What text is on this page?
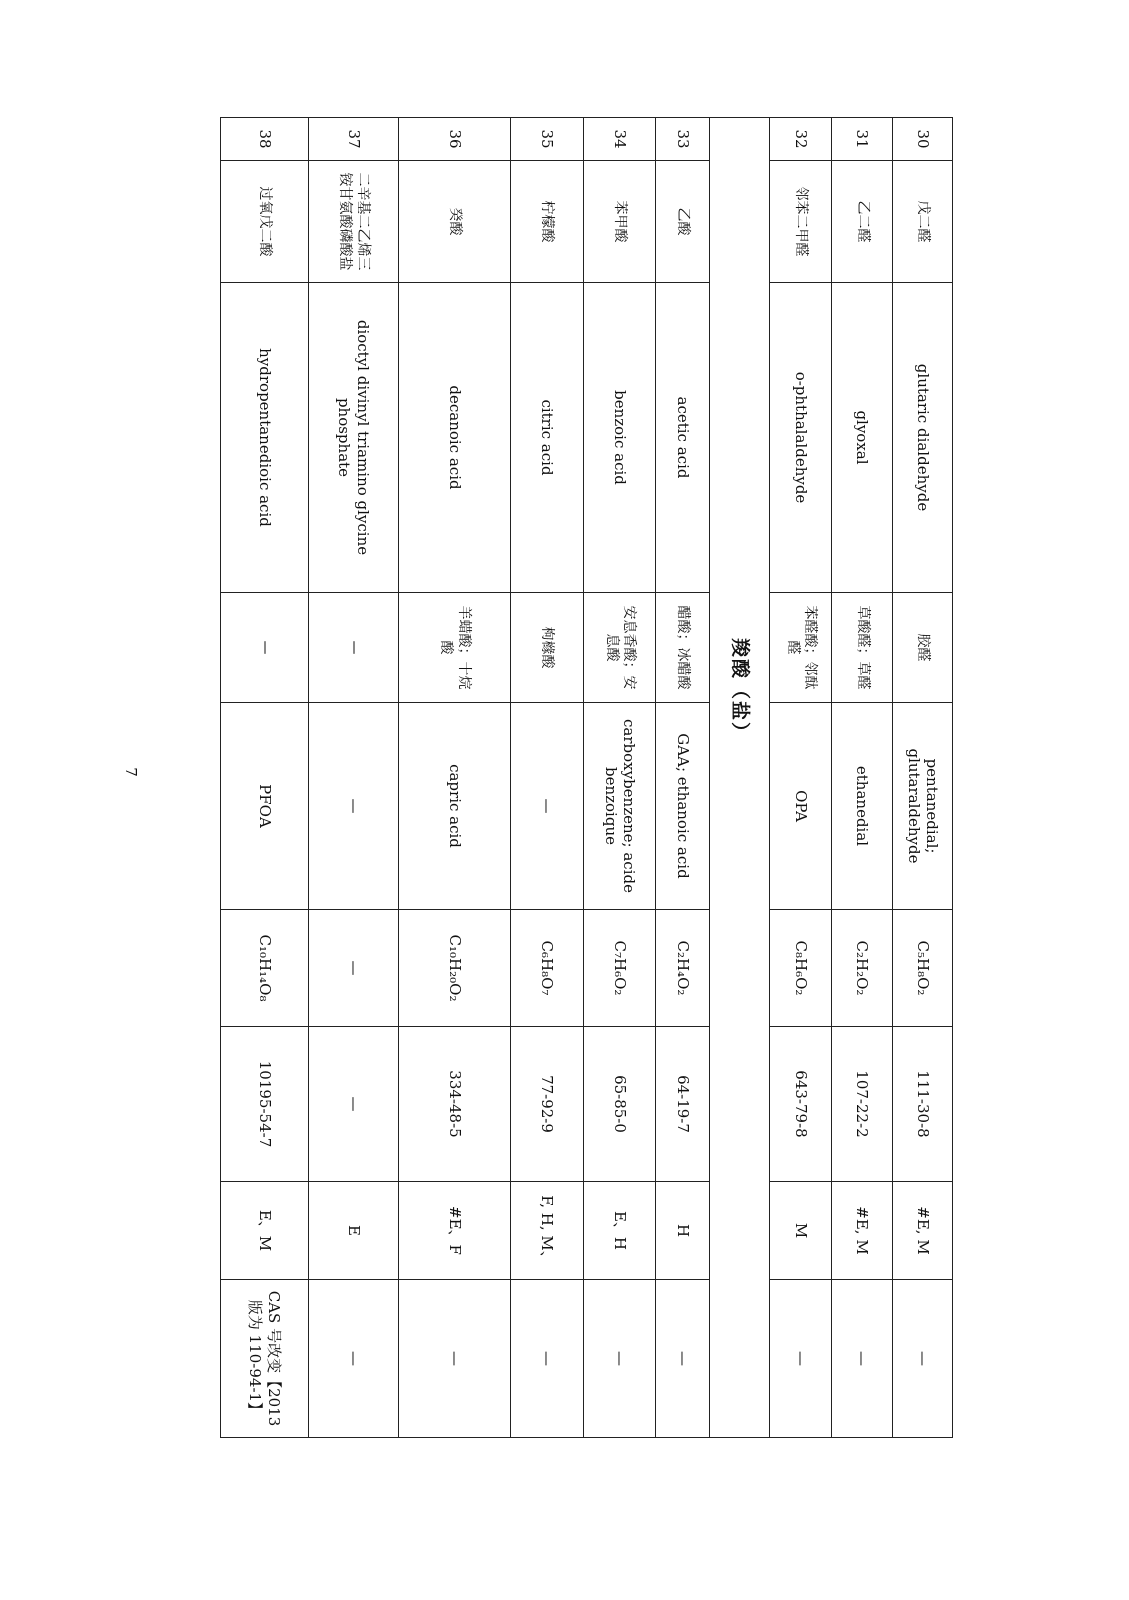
30	戊二醛	glutaric dialdehyde	胶醛	pentanedial; glutaraldehyde	C₅H₈O₂	111-30-8	#E, M	—
31	乙二醛	glyoxal	草酸醛；草醛	ethanedial	C₂H₂O₂	107-22-2	#E, M	—
32	邻苯二甲醛	o-phthalaldehyde	苯醛酸；邻酞醛	OPA	C₈H₆O₂	643-79-8	M	—
羧酸（盐）								
33	乙酸	acetic acid	醋酸；冰醋酸	GAA; ethanoic acid	C₂H₄O₂	64-19-7	H	—
34	苯甲酸	benzoic acid	安息香酸；安息酸	carboxybenzene; acide benzoique	C₇H₆O₂	65-85-0	E、H	—
35	柠檬酸	citric acid	枸橼酸	—	C₆H₈O₇	77-92-9	F, H, M、	—
36	癸酸	decanoic acid	羊蜡酸；十烷酸	capric acid	C₁₀H₂₀O₂	334-48-5	#E、F	—
37	二辛基二乙烯三铵甘氨酸磷酸盐	dioctyl divinyl triamino glycine phosphate	—	—	—	—	E	—
38	过氧戊二酸	hydropentanedioic acid	—	PFOA	C₁₀H₁₄O₈	10195-54-7	E、M	CAS 号改变【2013 版为 110-94-1】
7
